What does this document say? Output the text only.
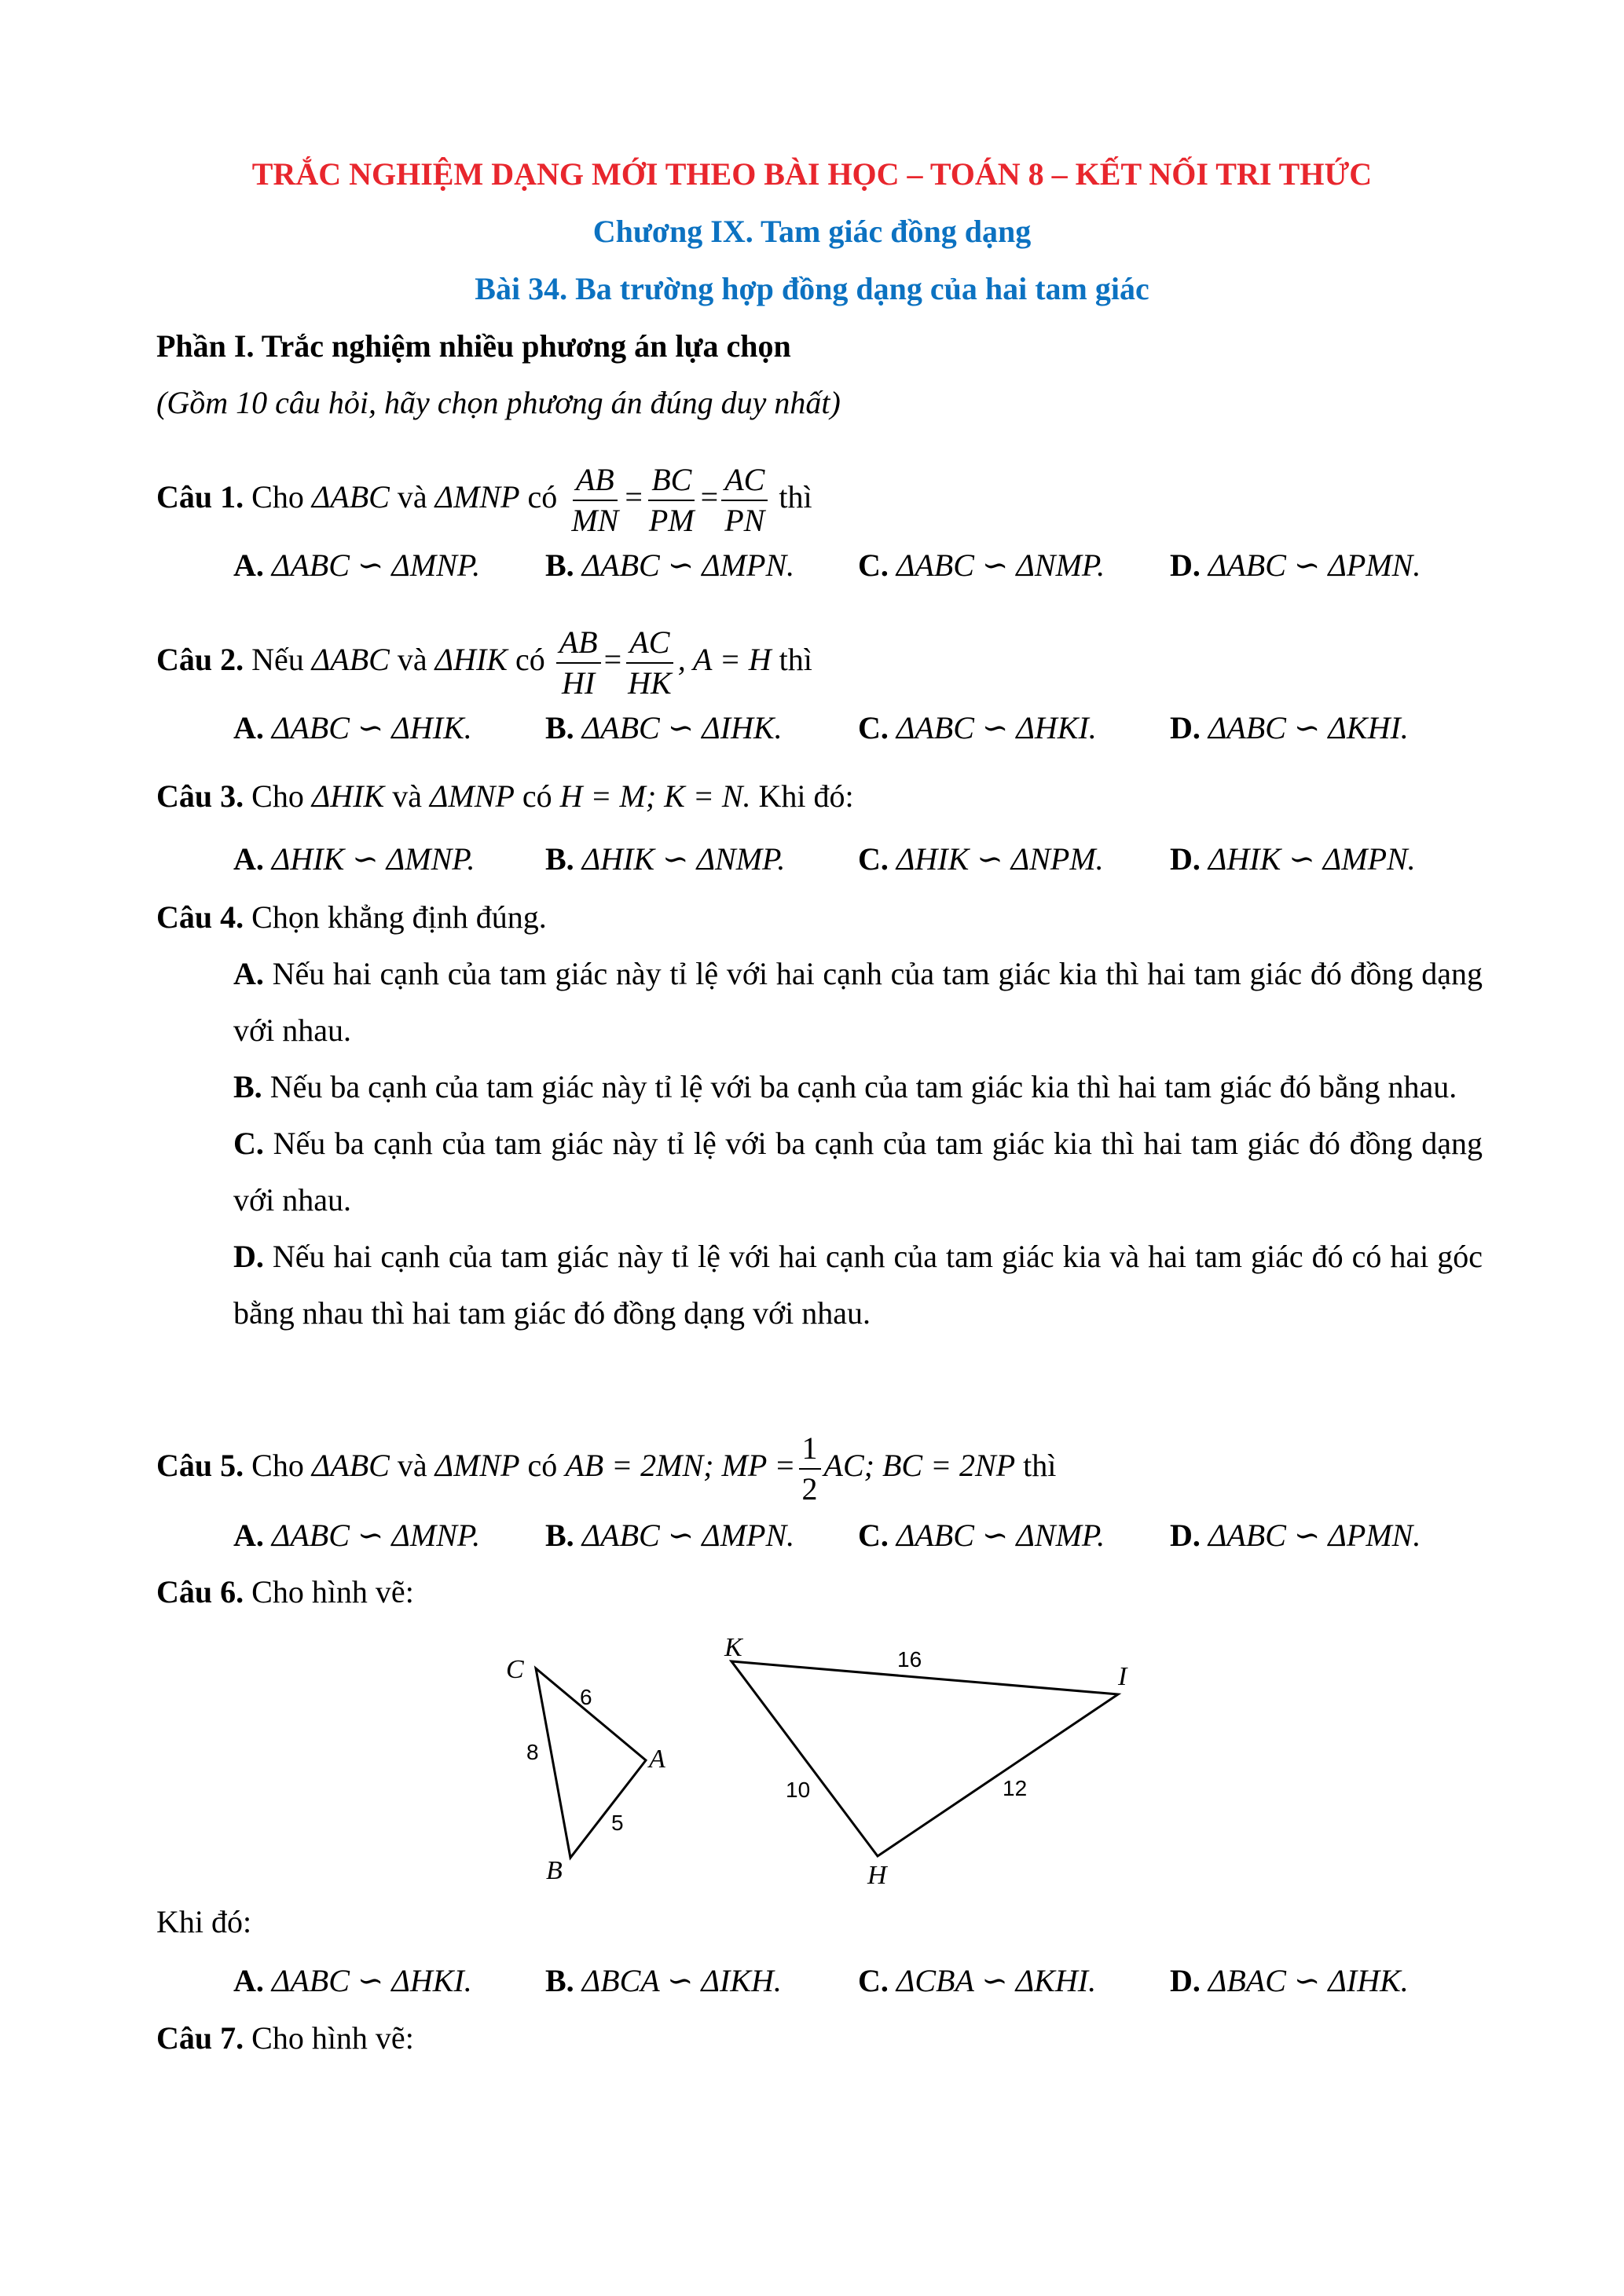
TRẮC NGHIỆM DẠNG MỚI THEO BÀI HỌC – TOÁN 8 – KẾT NỐI TRI THỨC
Chương IX. Tam giác đồng dạng
Bài 34. Ba trường hợp đồng dạng của hai tam giác
Phần I. Trắc nghiệm nhiều phương án lựa chọn
(Gồm 10 câu hỏi, hãy chọn phương án đúng duy nhất)
Câu 1. Cho ΔABC và ΔMNP có $\frac{AB}{MN} = \frac{BC}{PM} = \frac{AC}{PN}$ thì
A. ΔABC ∽ ΔMNP. B. ΔABC ∽ ΔMPN. C. ΔABC ∽ ΔNMP. D. ΔABC ∽ ΔPMN.
Câu 2. Nếu ΔABC và ΔHIK có $\frac{AB}{HI} = \frac{AC}{HK}$ , A = H thì
A. ΔABC ∽ ΔHIK. B. ΔABC ∽ ΔIHK. C. ΔABC ∽ ΔHKI. D. ΔABC ∽ ΔKHI.
Câu 3. Cho ΔHIK và ΔMNP có H = M; K = N. Khi đó:
A. ΔHIK ∽ ΔMNP. B. ΔHIK ∽ ΔNMP. C. ΔHIK ∽ ΔNPM. D. ΔHIK ∽ ΔMPN.
Câu 4. Chọn khẳng định đúng.

A. Nếu hai cạnh của tam giác này tỉ lệ với hai cạnh của tam giác kia thì hai tam giác đó đồng dạng với nhau.

B. Nếu ba cạnh của tam giác này tỉ lệ với ba cạnh của tam giác kia thì hai tam giác đó bằng nhau.

C. Nếu ba cạnh của tam giác này tỉ lệ với ba cạnh của tam giác kia thì hai tam giác đó đồng dạng với nhau.

D. Nếu hai cạnh của tam giác này tỉ lệ với hai cạnh của tam giác kia và hai tam giác đó có hai góc bằng nhau thì hai tam giác đó đồng dạng với nhau.

Câu 5. Cho ΔABC và ΔMNP có AB = 2MN; MP = $\frac{1}{2}$ AC; BC = 2NP thì
A. ΔABC ∽ ΔMNP. B. ΔABC ∽ ΔMPN. C. ΔABC ∽ ΔNMP. D. ΔABC ∽ ΔPMN.
Câu 6. Cho hình vẽ:
C
A
B
K
I
H
6
8
5
16
10	12
Khi đó:
A. ΔABC ∽ ΔHKI. B. ΔBCA ∽ ΔIKH. C. ΔCBA ∽ ΔKHI. D. ΔBAC ∽ ΔIHK.
Câu 7. Cho hình vẽ:
